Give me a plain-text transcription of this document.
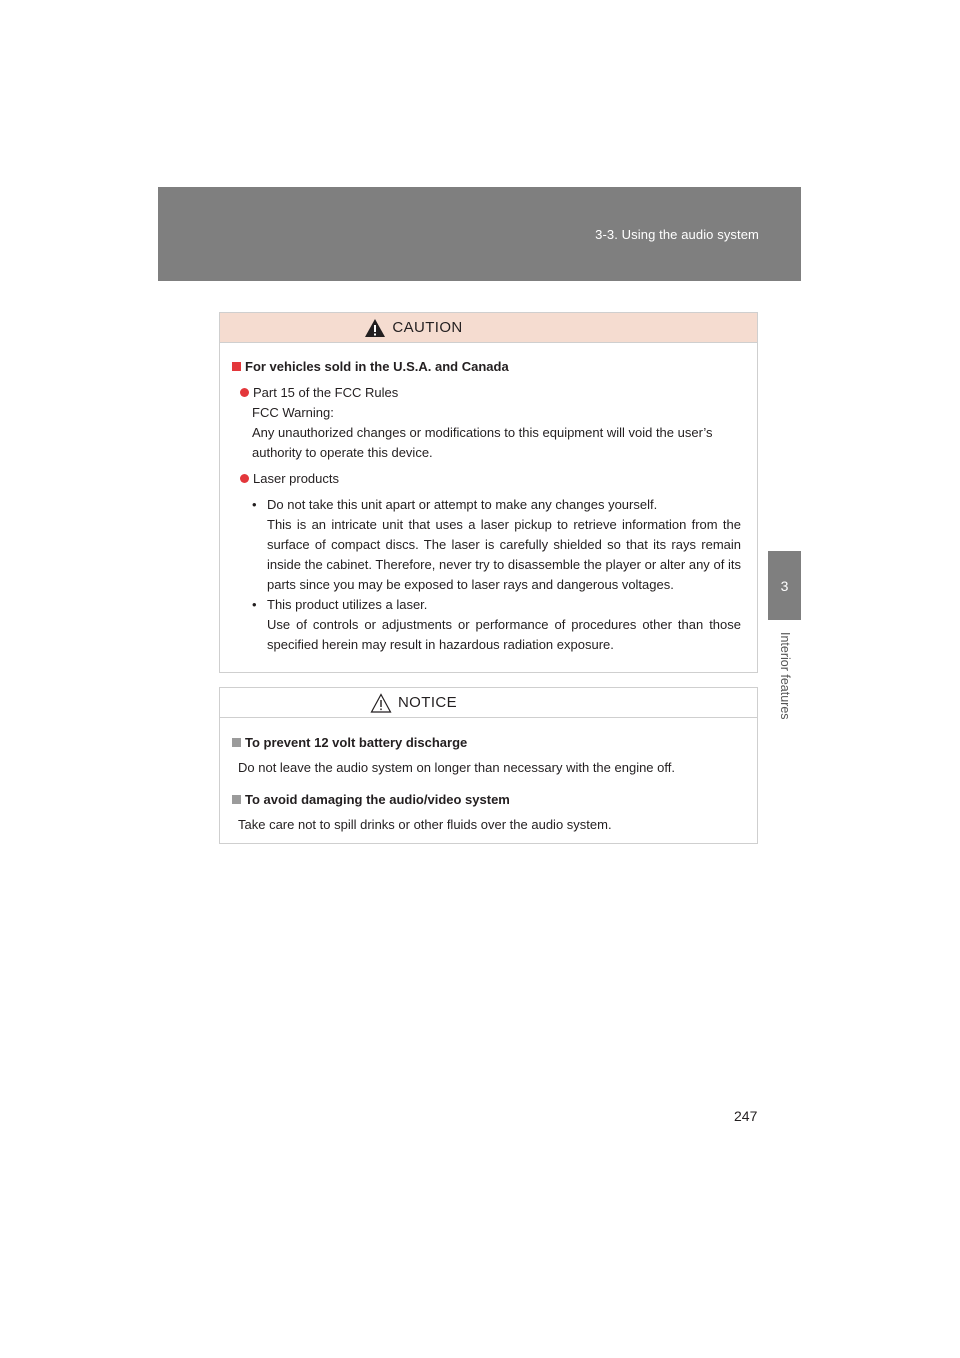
3-3. Using the audio system
3
Interior features
CAUTION
For vehicles sold in the U.S.A. and Canada
Part 15 of the FCC Rules

FCC Warning:

Any unauthorized changes or modifications to this equipment will void the user’s authority to operate this device.

Laser products
• Do not take this unit apart or attempt to make any changes yourself.

This is an intricate unit that uses a laser pickup to retrieve information from the surface of compact discs. The laser is carefully shielded so that its rays remain inside the cabinet. Therefore, never try to disassemble the player or alter any of its parts since you may be exposed to laser rays and dangerous voltages.

• This product utilizes a laser.

Use of controls or adjustments or performance of procedures other than those specified herein may result in hazardous radiation exposure.

NOTICE
To prevent 12 volt battery discharge

Do not leave the audio system on longer than necessary with the engine off.

To avoid damaging the audio/video system

Take care not to spill drinks or other fluids over the audio system.

247
